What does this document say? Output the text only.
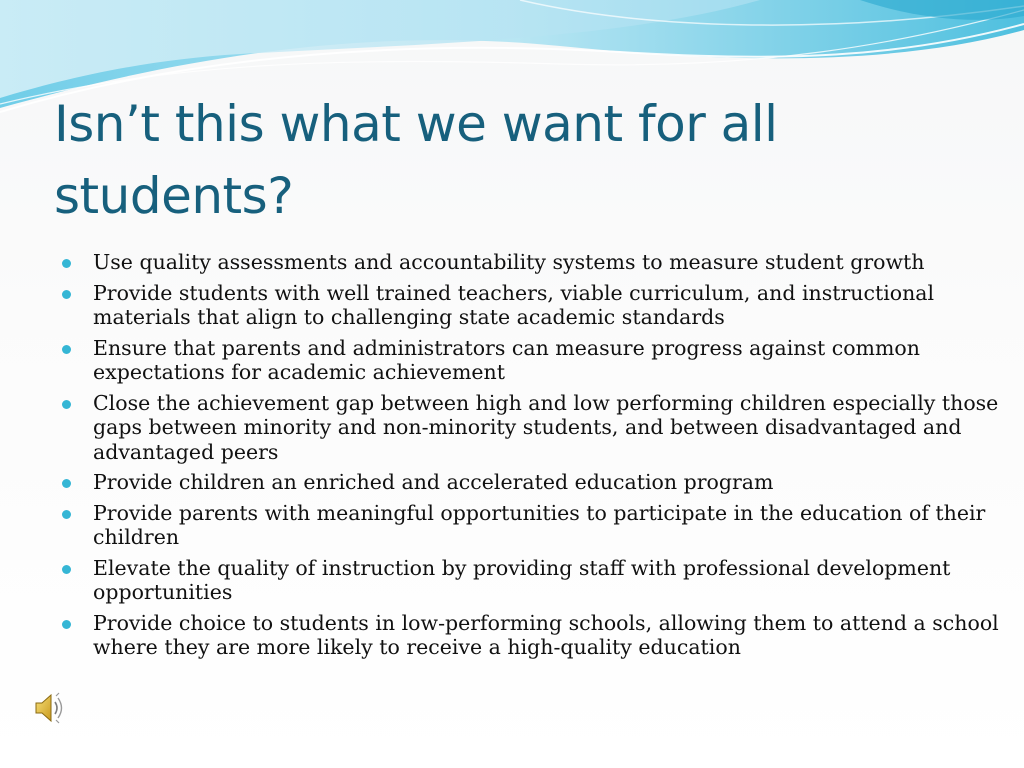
Isn’t this what we want for all students?
Use quality assessments and accountability systems to measure student growth
Provide students with well trained teachers, viable curriculum, and instructional materials that align to challenging state academic standards
Ensure that parents and administrators can measure progress against common expectations for academic achievement
Close the achievement gap between high and low performing children especially those gaps between minority and non-minority students, and between disadvantaged and advantaged peers
Provide children an enriched and accelerated education program
Provide parents with meaningful opportunities to participate in the education of their children
Elevate the quality of instruction by providing staff with professional development opportunities
Provide choice to students in low-performing schools, allowing them to attend a school where they are more likely to receive a high-quality education
